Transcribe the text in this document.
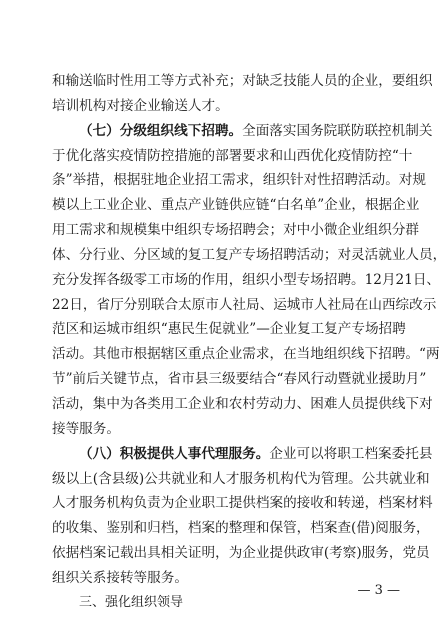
和输送临时性用工等方式补充；对缺乏技能人员的企业，要组织
培训机构对接企业输送人才。
（七）分级组织线下招聘。全面落实国务院联防联控机制关
于优化落实疫情防控措施的部署要求和山西优化疫情防控“十
条”举措，根据驻地企业招工需求，组织针对性招聘活动。对规
模以上工业企业、重点产业链供应链“白名单”企业，根据企业
用工需求和规模集中组织专场招聘会；对中小微企业组织分群
体、分行业、分区域的复工复产专场招聘活动；对灵活就业人员，
充分发挥各级零工市场的作用，组织小型专场招聘。12月21日、
22日，省厅分别联合太原市人社局、运城市人社局在山西综改示
范区和运城市组织“惠民生促就业”—企业复工复产专场招聘
活动。其他市根据辖区重点企业需求，在当地组织线下招聘。“两
节”前后关键节点，省市县三级要结合“春风行动暨就业援助月”
活动，集中为各类用工企业和农村劳动力、困难人员提供线下对
接等服务。
（八）积极提供人事代理服务。企业可以将职工档案委托县
级以上(含县级)公共就业和人才服务机构代为管理。公共就业和
人才服务机构负责为企业职工提供档案的接收和转递，档案材料
的收集、鉴别和归档，档案的整理和保管，档案查(借)阅服务，
依据档案记载出具相关证明，为企业提供政审(考察)服务，党员
组织关系接转等服务。
三、强化组织领导
— 3 —
